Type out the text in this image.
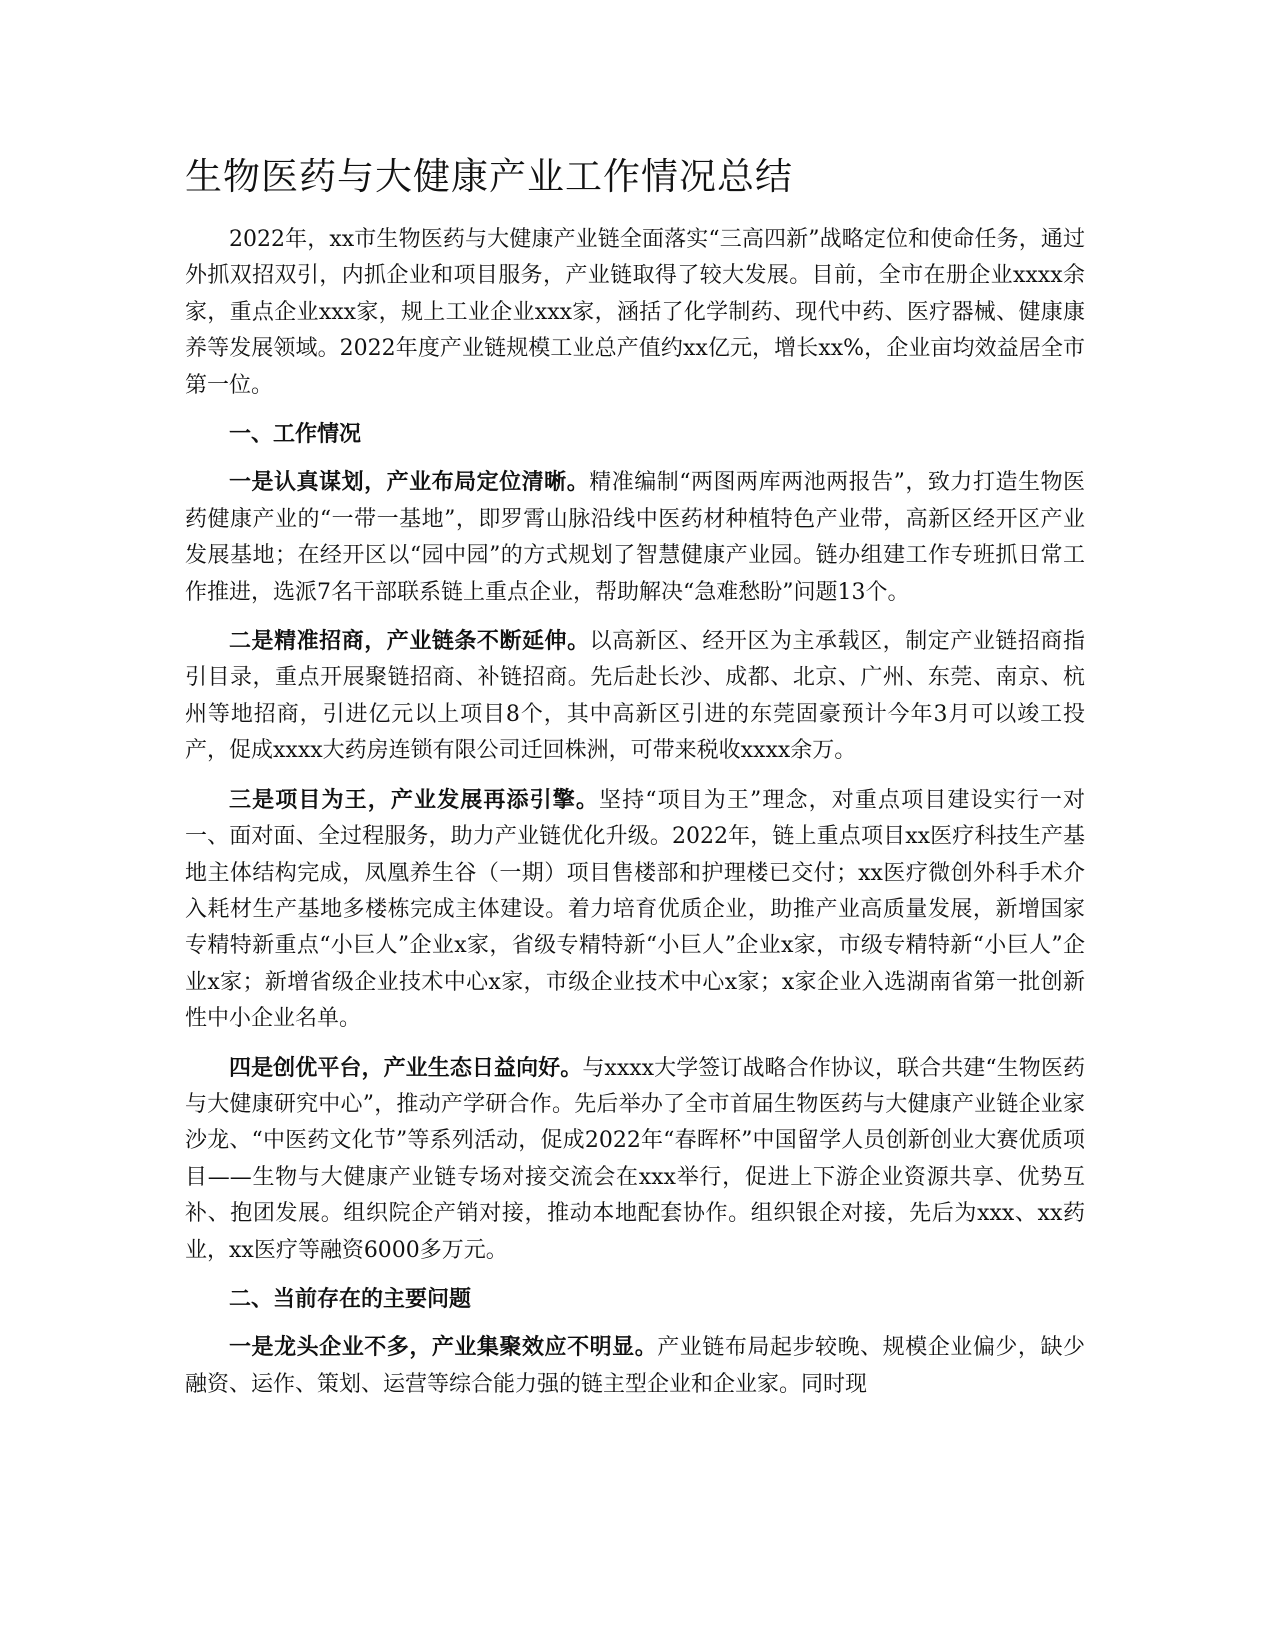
生物医药与大健康产业工作情况总结

2022年，xx市生物医药与大健康产业链全面落实“三高四新”战略定位和使命任务，通过外抓双招双引，内抓企业和项目服务，产业链取得了较大发展。目前，全市在册企业xxxx余家，重点企业xxx家，规上工业企业xxx家，涵括了化学制药、现代中药、医疗器械、健康康养等发展领域。2022年度产业链规模工业总产值约xx亿元，增长xx%，企业亩均效益居全市第一位。

一、工作情况

一是认真谋划，产业布局定位清晰。精准编制“两图两库两池两报告”，致力打造生物医药健康产业的“一带一基地”，即罗霄山脉沿线中医药材种植特色产业带，高新区经开区产业发展基地；在经开区以“园中园”的方式规划了智慧健康产业园。链办组建工作专班抓日常工作推进，选派7名干部联系链上重点企业，帮助解决“急难愁盼”问题13个。

二是精准招商，产业链条不断延伸。以高新区、经开区为主承载区，制定产业链招商指引目录，重点开展聚链招商、补链招商。先后赴长沙、成都、北京、广州、东莞、南京、杭州等地招商，引进亿元以上项目8个，其中高新区引进的东莞固豪预计今年3月可以竣工投产，促成xxxx大药房连锁有限公司迁回株洲，可带来税收xxxx余万。

三是项目为王，产业发展再添引擎。坚持“项目为王”理念，对重点项目建设实行一对一、面对面、全过程服务，助力产业链优化升级。2022年，链上重点项目xx医疗科技生产基地主体结构完成，凤凰养生谷（一期）项目售楼部和护理楼已交付；xx医疗微创外科手术介入耗材生产基地多楼栋完成主体建设。着力培育优质企业，助推产业高质量发展，新增国家专精特新重点“小巨人”企业x家，省级专精特新“小巨人”企业x家，市级专精特新“小巨人”企业x家；新增省级企业技术中心x家，市级企业技术中心x家；x家企业入选湖南省第一批创新性中小企业名单。

四是创优平台，产业生态日益向好。与xxxx大学签订战略合作协议，联合共建“生物医药与大健康研究中心”，推动产学研合作。先后举办了全市首届生物医药与大健康产业链企业家沙龙、“中医药文化节”等系列活动，促成2022年“春晖杯”中国留学人员创新创业大赛优质项目——生物与大健康产业链专场对接交流会在xxx举行，促进上下游企业资源共享、优势互补、抱团发展。组织院企产销对接，推动本地配套协作。组织银企对接，先后为xxx、xx药业，xx医疗等融资6000多万元。

二、当前存在的主要问题

一是龙头企业不多，产业集聚效应不明显。产业链布局起步较晚、规模企业偏少，缺少融资、运作、策划、运营等综合能力强的链主型企业和企业家。同时现
